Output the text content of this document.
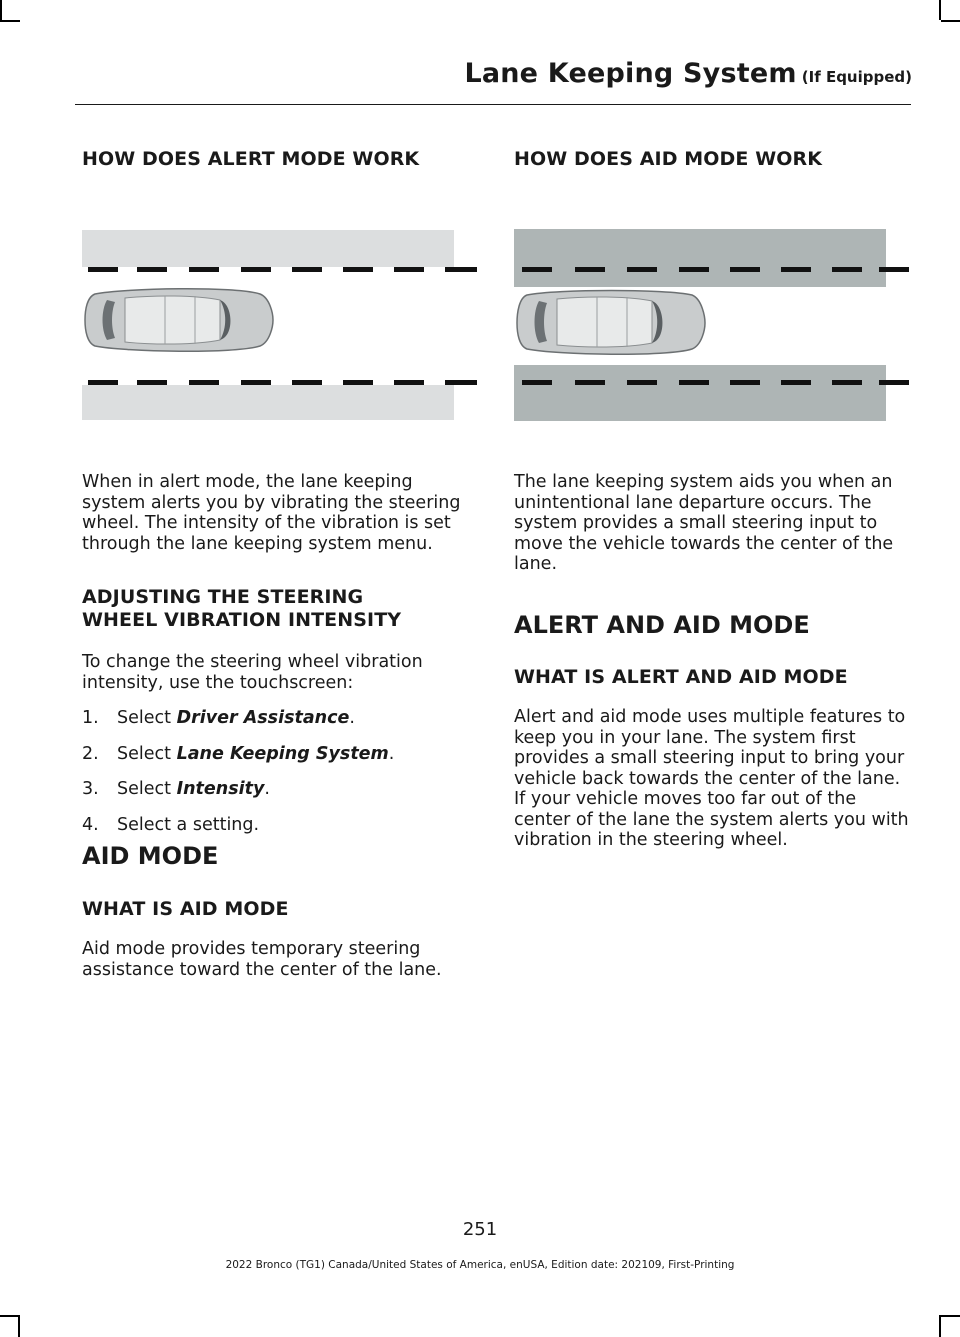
Lane Keeping System (If Equipped)
HOW DOES ALERT MODE WORK

When in alert mode, the lane keeping system alerts you by vibrating the steering wheel. The intensity of the vibration is set through the lane keeping system menu.

ADJUSTING THE STEERING
WHEEL VIBRATION INTENSITY

To change the steering wheel vibration intensity, use the touchscreen:

1.	Select Driver Assistance.
2.	Select Lane Keeping System.
3.	Select Intensity.
4.	Select a setting.
AID MODE
WHAT IS AID MODE

Aid mode provides temporary steering assistance toward the center of the lane.

HOW DOES AID MODE WORK

The lane keeping system aids you when an unintentional lane departure occurs. The system provides a small steering input to move the vehicle towards the center of the lane.

ALERT AND AID MODE
WHAT IS ALERT AND AID MODE

Alert and aid mode uses multiple features to keep you in your lane. The system first provides a small steering input to bring your vehicle back towards the center of the lane. If your vehicle moves too far out of the center of the lane the system alerts you with vibration in the steering wheel.

251
2022 Bronco (TG1) Canada/United States of America, enUSA, Edition date: 202109, First-Printing
